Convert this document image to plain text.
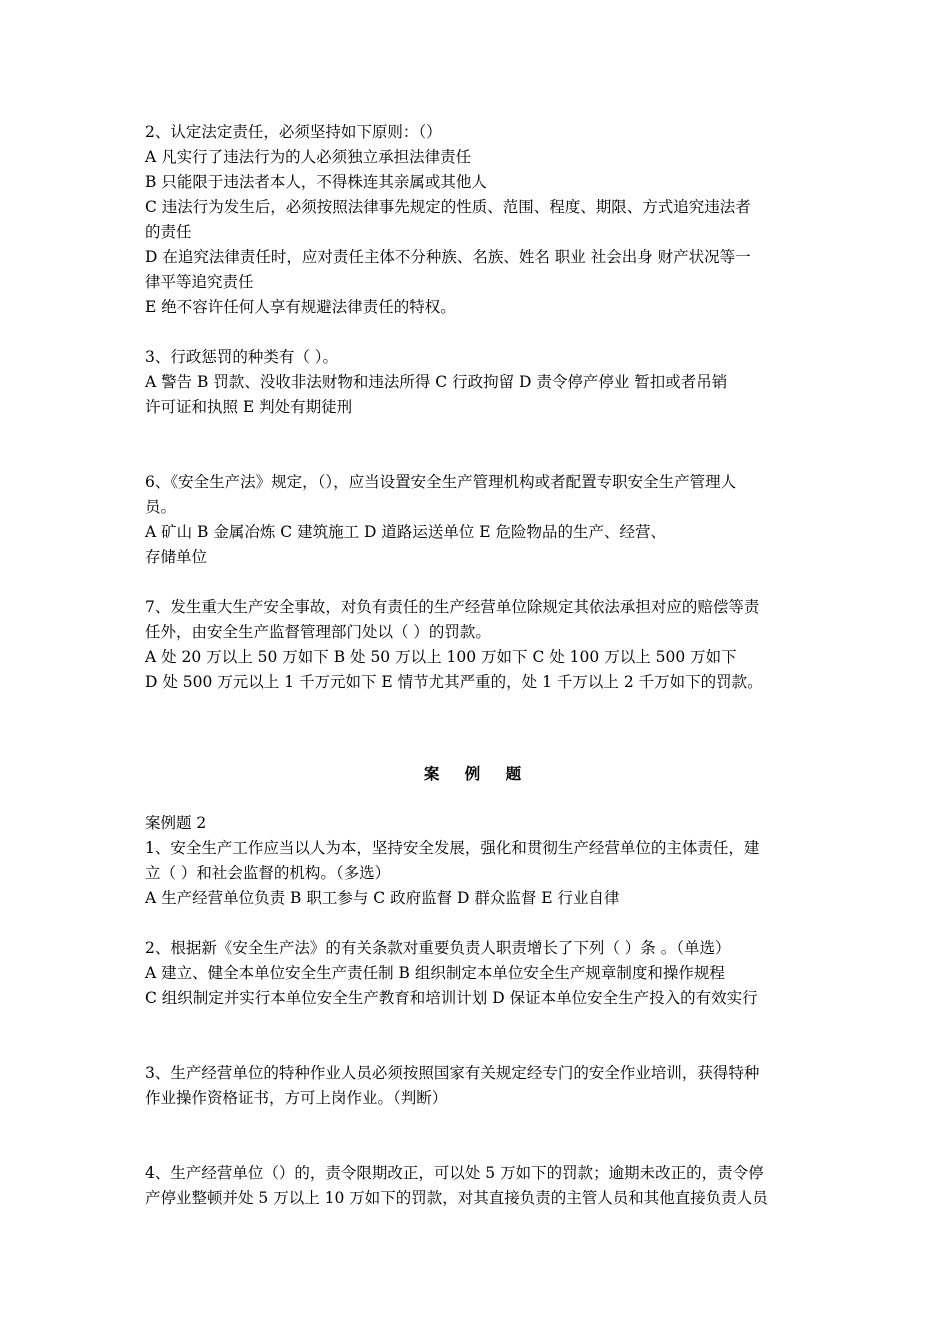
2、认定法定责任，必须坚持如下原则：（）
A 凡实行了违法行为的人必须独立承担法律责任
B 只能限于违法者本人，不得株连其亲属或其他人
C 违法行为发生后，必须按照法律事先规定的性质、范围、程度、期限、方式追究违法者
的责任
D 在追究法律责任时，应对责任主体不分种族、名族、姓名 职业 社会出身 财产状况等一
律平等追究责任
E 绝不容许任何人享有规避法律责任的特权。
3、行政惩罚的种类有（ ）。
A 警告 B 罚款、没收非法财物和违法所得 C 行政拘留 D 责令停产停业 暂扣或者吊销
许可证和执照 E 判处有期徒刑
6、《安全生产法》规定，（），应当设置安全生产管理机构或者配置专职安全生产管理人
员。
A 矿山 B 金属冶炼 C 建筑施工 D 道路运送单位 E 危险物品的生产、经营、
存储单位
7、发生重大生产安全事故，对负有责任的生产经营单位除规定其依法承担对应的赔偿等责
任外，由安全生产监督管理部门处以（ ）的罚款。
A 处 20 万以上 50 万如下 B 处 50 万以上 100 万如下 C 处 100 万以上 500 万如下
D 处 500 万元以上 1 千万元如下 E 情节尤其严重的，处 1 千万以上 2 千万如下的罚款。
案 例 题
案例题 2
1、安全生产工作应当以人为本，坚持安全发展，强化和贯彻生产经营单位的主体责任，建
立（ ）和社会监督的机构。（多选）
A 生产经营单位负责 B 职工参与 C 政府监督 D 群众监督 E 行业自律
2、根据新《安全生产法》的有关条款对重要负责人职责增长了下列（ ）条 。（单选）
A 建立、健全本单位安全生产责任制 B 组织制定本单位安全生产规章制度和操作规程
C 组织制定并实行本单位安全生产教育和培训计划 D 保证本单位安全生产投入的有效实行
3、生产经营单位的特种作业人员必须按照国家有关规定经专门的安全作业培训，获得特种
作业操作资格证书，方可上岗作业。（判断）
4、生产经营单位（）的，责令限期改正，可以处 5 万如下的罚款；逾期未改正的，责令停
产停业整顿并处 5 万以上 10 万如下的罚款，对其直接负责的主管人员和其他直接负责人员
